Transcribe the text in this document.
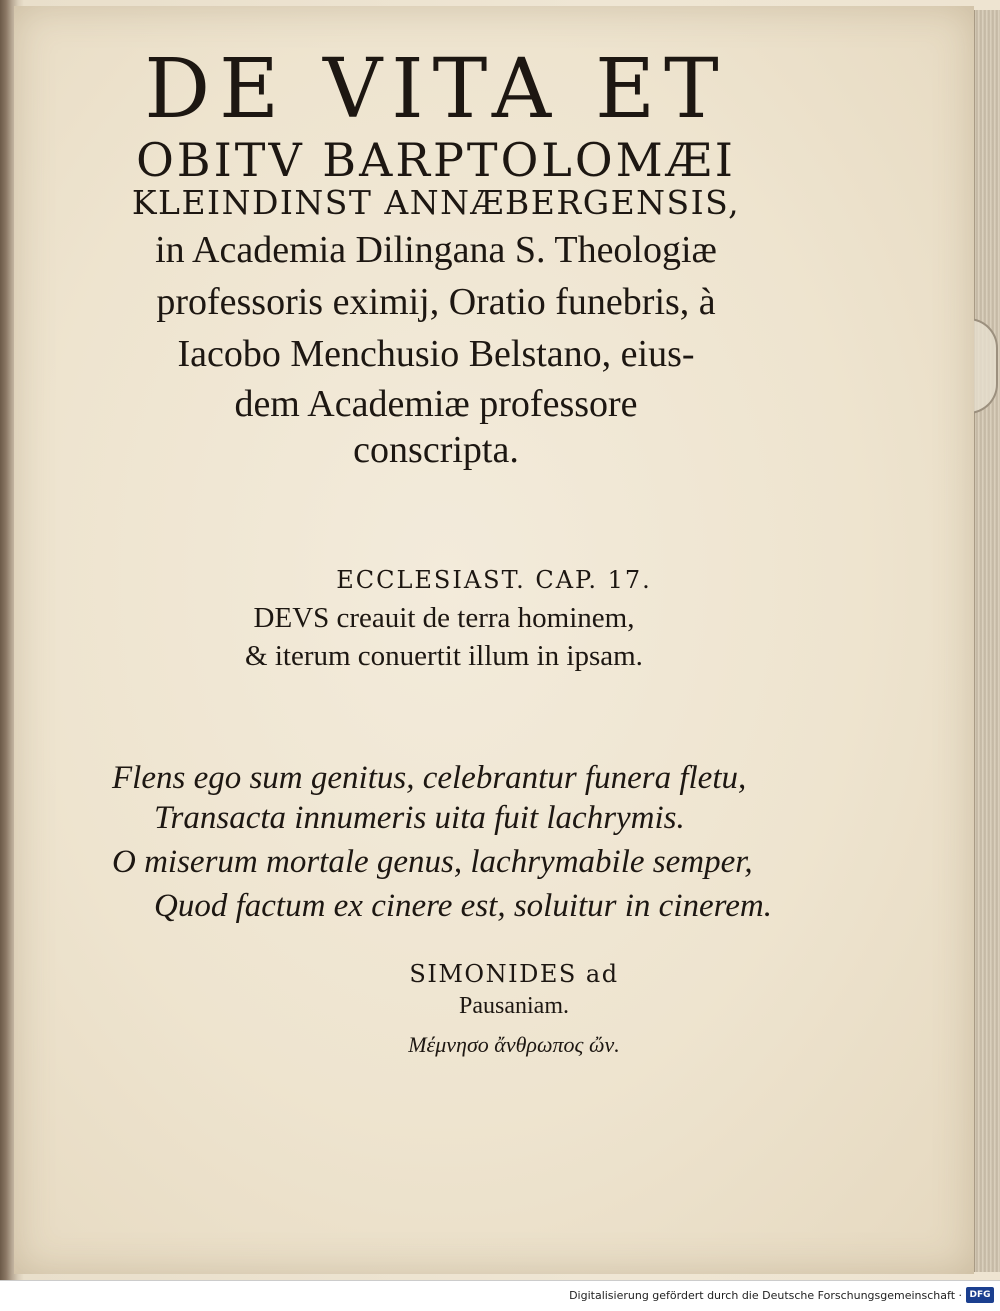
DE VITA ET
OBITV BARPTOLOMÆI
KLEINDINST ANNÆBERGENSIS,
in Academia Dilingana S. Theologiæ
professoris eximij, Oratio funebris, à
Iacobo Menchusio Belstano, eius-
dem Academiæ professore
conscripta.
ECCLESIAST. CAP. 17.
DEVS creauit de terra hominem,
& iterum conuertit illum in ipsam.
Flens ego sum genitus, celebrantur funera fletu,
Transacta innumeris uita fuit lachrymis.
O miserum mortale genus, lachrymabile semper,
Quod factum ex cinere est, soluitur in cinerem.
SIMONIDES ad
Pausaniam.
Μέμνησο ἄνθρωπος ὤν.
Digitalisierung gefördert durch die Deutsche Forschungsgemeinschaft · DFG
